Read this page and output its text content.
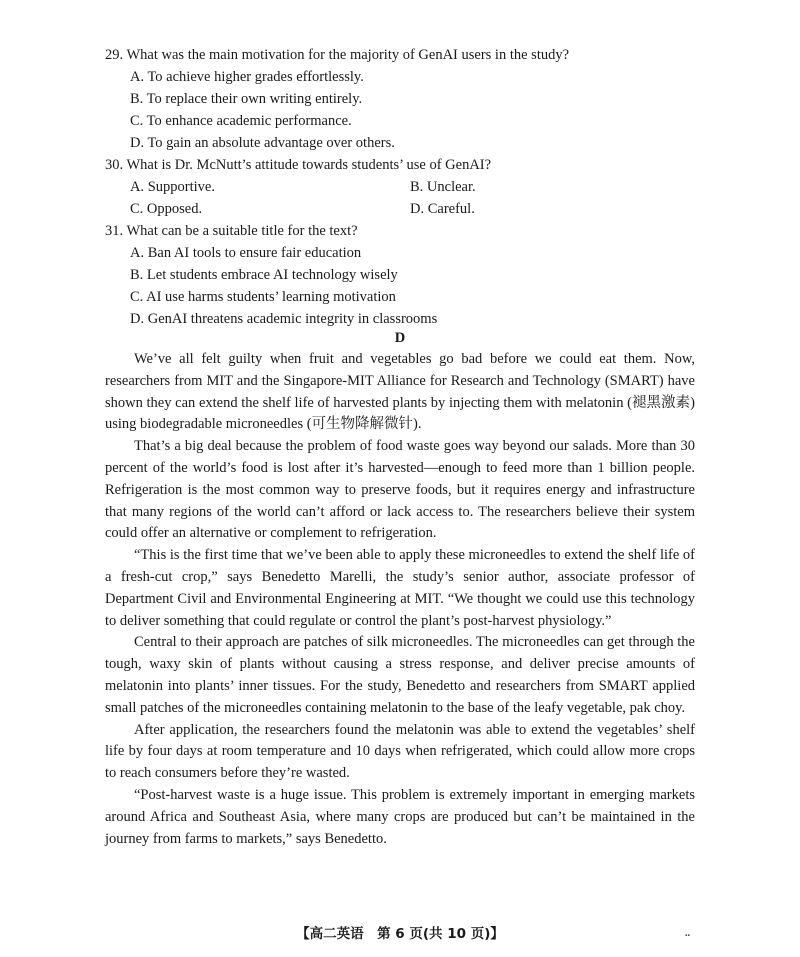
29. What was the main motivation for the majority of GenAI users in the study?
A. To achieve higher grades effortlessly.
B. To replace their own writing entirely.
C. To enhance academic performance.
D. To gain an absolute advantage over others.
30. What is Dr. McNutt’s attitude towards students’ use of GenAI?
A. Supportive.	B. Unclear.
C. Opposed.	D. Careful.
31. What can be a suitable title for the text?
A. Ban AI tools to ensure fair education
B. Let students embrace AI technology wisely
C. AI use harms students’ learning motivation
D. GenAI threatens academic integrity in classrooms
D

We’ve all felt guilty when fruit and vegetables go bad before we could eat them. Now, researchers from MIT and the Singapore-MIT Alliance for Research and Technology (SMART) have shown they can extend the shelf life of harvested plants by injecting them with melatonin (褪黑激素) using biodegradable microneedles (可生物降解微针).

That’s a big deal because the problem of food waste goes way beyond our salads. More than 30 percent of the world’s food is lost after it’s harvested—enough to feed more than 1 billion people. Refrigeration is the most common way to preserve foods, but it requires energy and infrastructure that many regions of the world can’t afford or lack access to. The researchers believe their system could offer an alternative or complement to refrigeration.

“This is the first time that we’ve been able to apply these microneedles to extend the shelf life of a fresh-cut crop,” says Benedetto Marelli, the study’s senior author, associate professor of Department Civil and Environmental Engineering at MIT. “We thought we could use this technology to deliver something that could regulate or control the plant’s post-harvest physiology.”

Central to their approach are patches of silk microneedles. The microneedles can get through the tough, waxy skin of plants without causing a stress response, and deliver precise amounts of melatonin into plants’ inner tissues. For the study, Benedetto and researchers from SMART applied small patches of the microneedles containing melatonin to the base of the leafy vegetable, pak choy.

After application, the researchers found the melatonin was able to extend the vegetables’ shelf life by four days at room temperature and 10 days when refrigerated, which could allow more crops to reach consumers before they’re wasted.

“Post-harvest waste is a huge issue. This problem is extremely important in emerging markets around Africa and Southeast Asia, where many crops are produced but can’t be maintained in the journey from farms to markets,” says Benedetto.

【高二英语　第 6 页(共 10 页)】	..
